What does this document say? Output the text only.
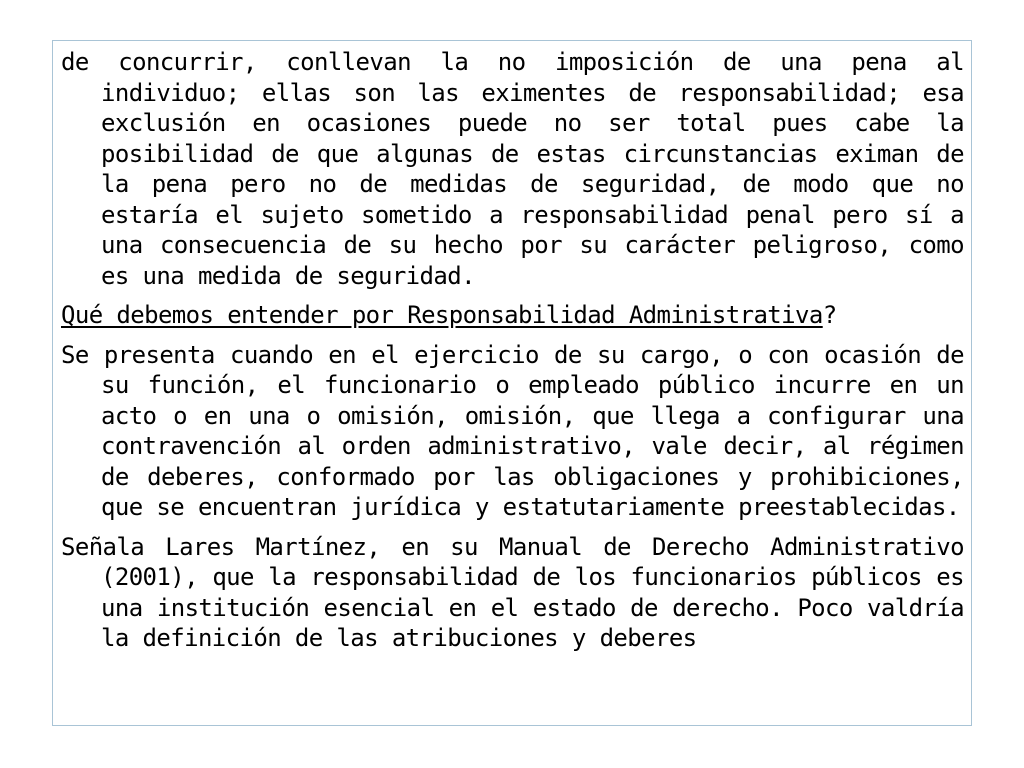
de concurrir, conllevan la no imposición de una pena al individuo; ellas son las eximentes de responsabilidad; esa exclusión en ocasiones puede no ser total pues cabe la posibilidad de que algunas de estas circunstancias eximan de la pena pero no de medidas de seguridad, de modo que no estaría el sujeto sometido a responsabilidad penal pero sí a una consecuencia de su hecho por su carácter peligroso, como es una medida de seguridad.

Qué debemos entender por Responsabilidad Administrativa?

Se presenta cuando en el ejercicio de su cargo, o con ocasión de su función, el funcionario o empleado público incurre en un acto o en una o omisión, omisión, que llega a configurar una contravención al orden administrativo, vale decir, al régimen de deberes, conformado por las obligaciones y prohibiciones, que se encuentran jurídica y estatutariamente preestablecidas.

Señala Lares Martínez, en su Manual de Derecho Administrativo (2001), que la responsabilidad de los funcionarios públicos es una institución esencial en el estado de derecho. Poco valdría la definición de las atribuciones y deberes
